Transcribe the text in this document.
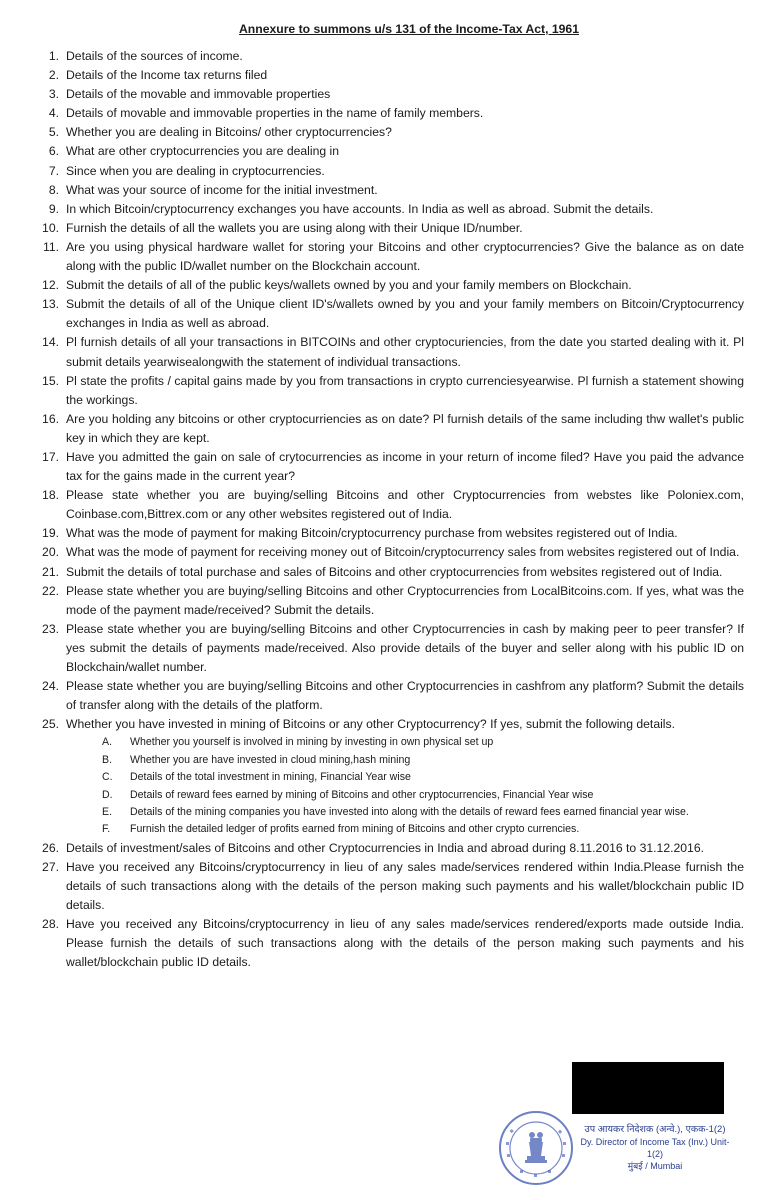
Annexure to summons u/s 131 of the Income-Tax Act, 1961
1. Details of the sources of income.
2. Details of the Income tax returns filed
3. Details of the movable and immovable properties
4. Details of movable and immovable properties in the name of family members.
5. Whether you are dealing in Bitcoins/ other cryptocurrencies?
6. What are other cryptocurrencies you are dealing in
7. Since when you are dealing in cryptocurrencies.
8. What was your source of income for the initial investment.
9. In which Bitcoin/cryptocurrency exchanges you have accounts. In India as well as abroad. Submit the details.
10. Furnish the details of all the wallets you are using along with their Unique ID/number.
11. Are you using physical hardware wallet for storing your Bitcoins and other cryptocurrencies? Give the balance as on date along with the public ID/wallet number on the Blockchain account.
12. Submit the details of all of the public keys/wallets owned by you and your family members on Blockchain.
13. Submit the details of all of the Unique client ID's/wallets owned by you and your family members on Bitcoin/Cryptocurrency exchanges in India as well as abroad.
14. Pl furnish details of all your transactions in BITCOINs and other cryptocuriencies, from the date you started dealing with it. Pl submit details yearwisealongwith the statement of individual transactions.
15. Pl state the profits / capital gains made by you from transactions in crypto currenciesyearwise. Pl furnish a statement showing the workings.
16. Are you holding any bitcoins or other cryptocurriencies as on date? Pl furnish details of the same including thw wallet's public key in which they are kept.
17. Have you admitted the gain on sale of crytocurrencies as income in your return of income filed? Have you paid the advance tax for the gains made in the current year?
18. Please state whether you are buying/selling Bitcoins and other Cryptocurrencies from webstes like Poloniex.com, Coinbase.com,Bittrex.com or any other websites registered out of India.
19. What was the mode of payment for making Bitcoin/cryptocurrency purchase from websites registered out of India.
20. What was the mode of payment for receiving money out of Bitcoin/cryptocurrency sales from websites registered out of India.
21. Submit the details of total purchase and sales of Bitcoins and other cryptocurrencies from websites registered out of India.
22. Please state whether you are buying/selling Bitcoins and other Cryptocurrencies from LocalBitcoins.com. If yes, what was the mode of the payment made/received? Submit the details.
23. Please state whether you are buying/selling Bitcoins and other Cryptocurrencies in cash by making peer to peer transfer? If yes submit the details of payments made/received. Also provide details of the buyer and seller along with his public ID on Blockchain/wallet number.
24. Please state whether you are buying/selling Bitcoins and other Cryptocurrencies in cashfrom any platform? Submit the details of transfer along with the details of the platform.
25. Whether you have invested in mining of Bitcoins or any other Cryptocurrency? If yes, submit the following details.
A.	Whether you yourself is involved in mining by investing in own physical set up
B.	Whether you are have invested in cloud mining,hash mining
C.	Details of the total investment in mining, Financial Year wise
D.	Details of reward fees earned by mining of Bitcoins and other cryptocurrencies, Financial Year wise
E.	Details of the mining companies you have invested into along with the details of reward fees earned financial year wise.
F.	Furnish the detailed ledger of profits earned from mining of Bitcoins and other crypto currencies.
26. Details of investment/sales of Bitcoins and other Cryptocurrencies in India and abroad during 8.11.2016 to 31.12.2016.
27. Have you received any Bitcoins/cryptocurrency in lieu of any sales made/services rendered within India.Please furnish the details of such transactions along with the details of the person making such payments and his wallet/blockchain public ID details.
28. Have you received any Bitcoins/cryptocurrency in lieu of any sales made/services rendered/exports made outside India. Please furnish the details of such transactions along with the details of the person making such payments and his wallet/blockchain public ID details.
उप आयकर निदेशक (अन्वे.), एकक-1(2)
Dy. Director of Income Tax (Inv.) Unit-1(2)
मुंबई / Mumbai
